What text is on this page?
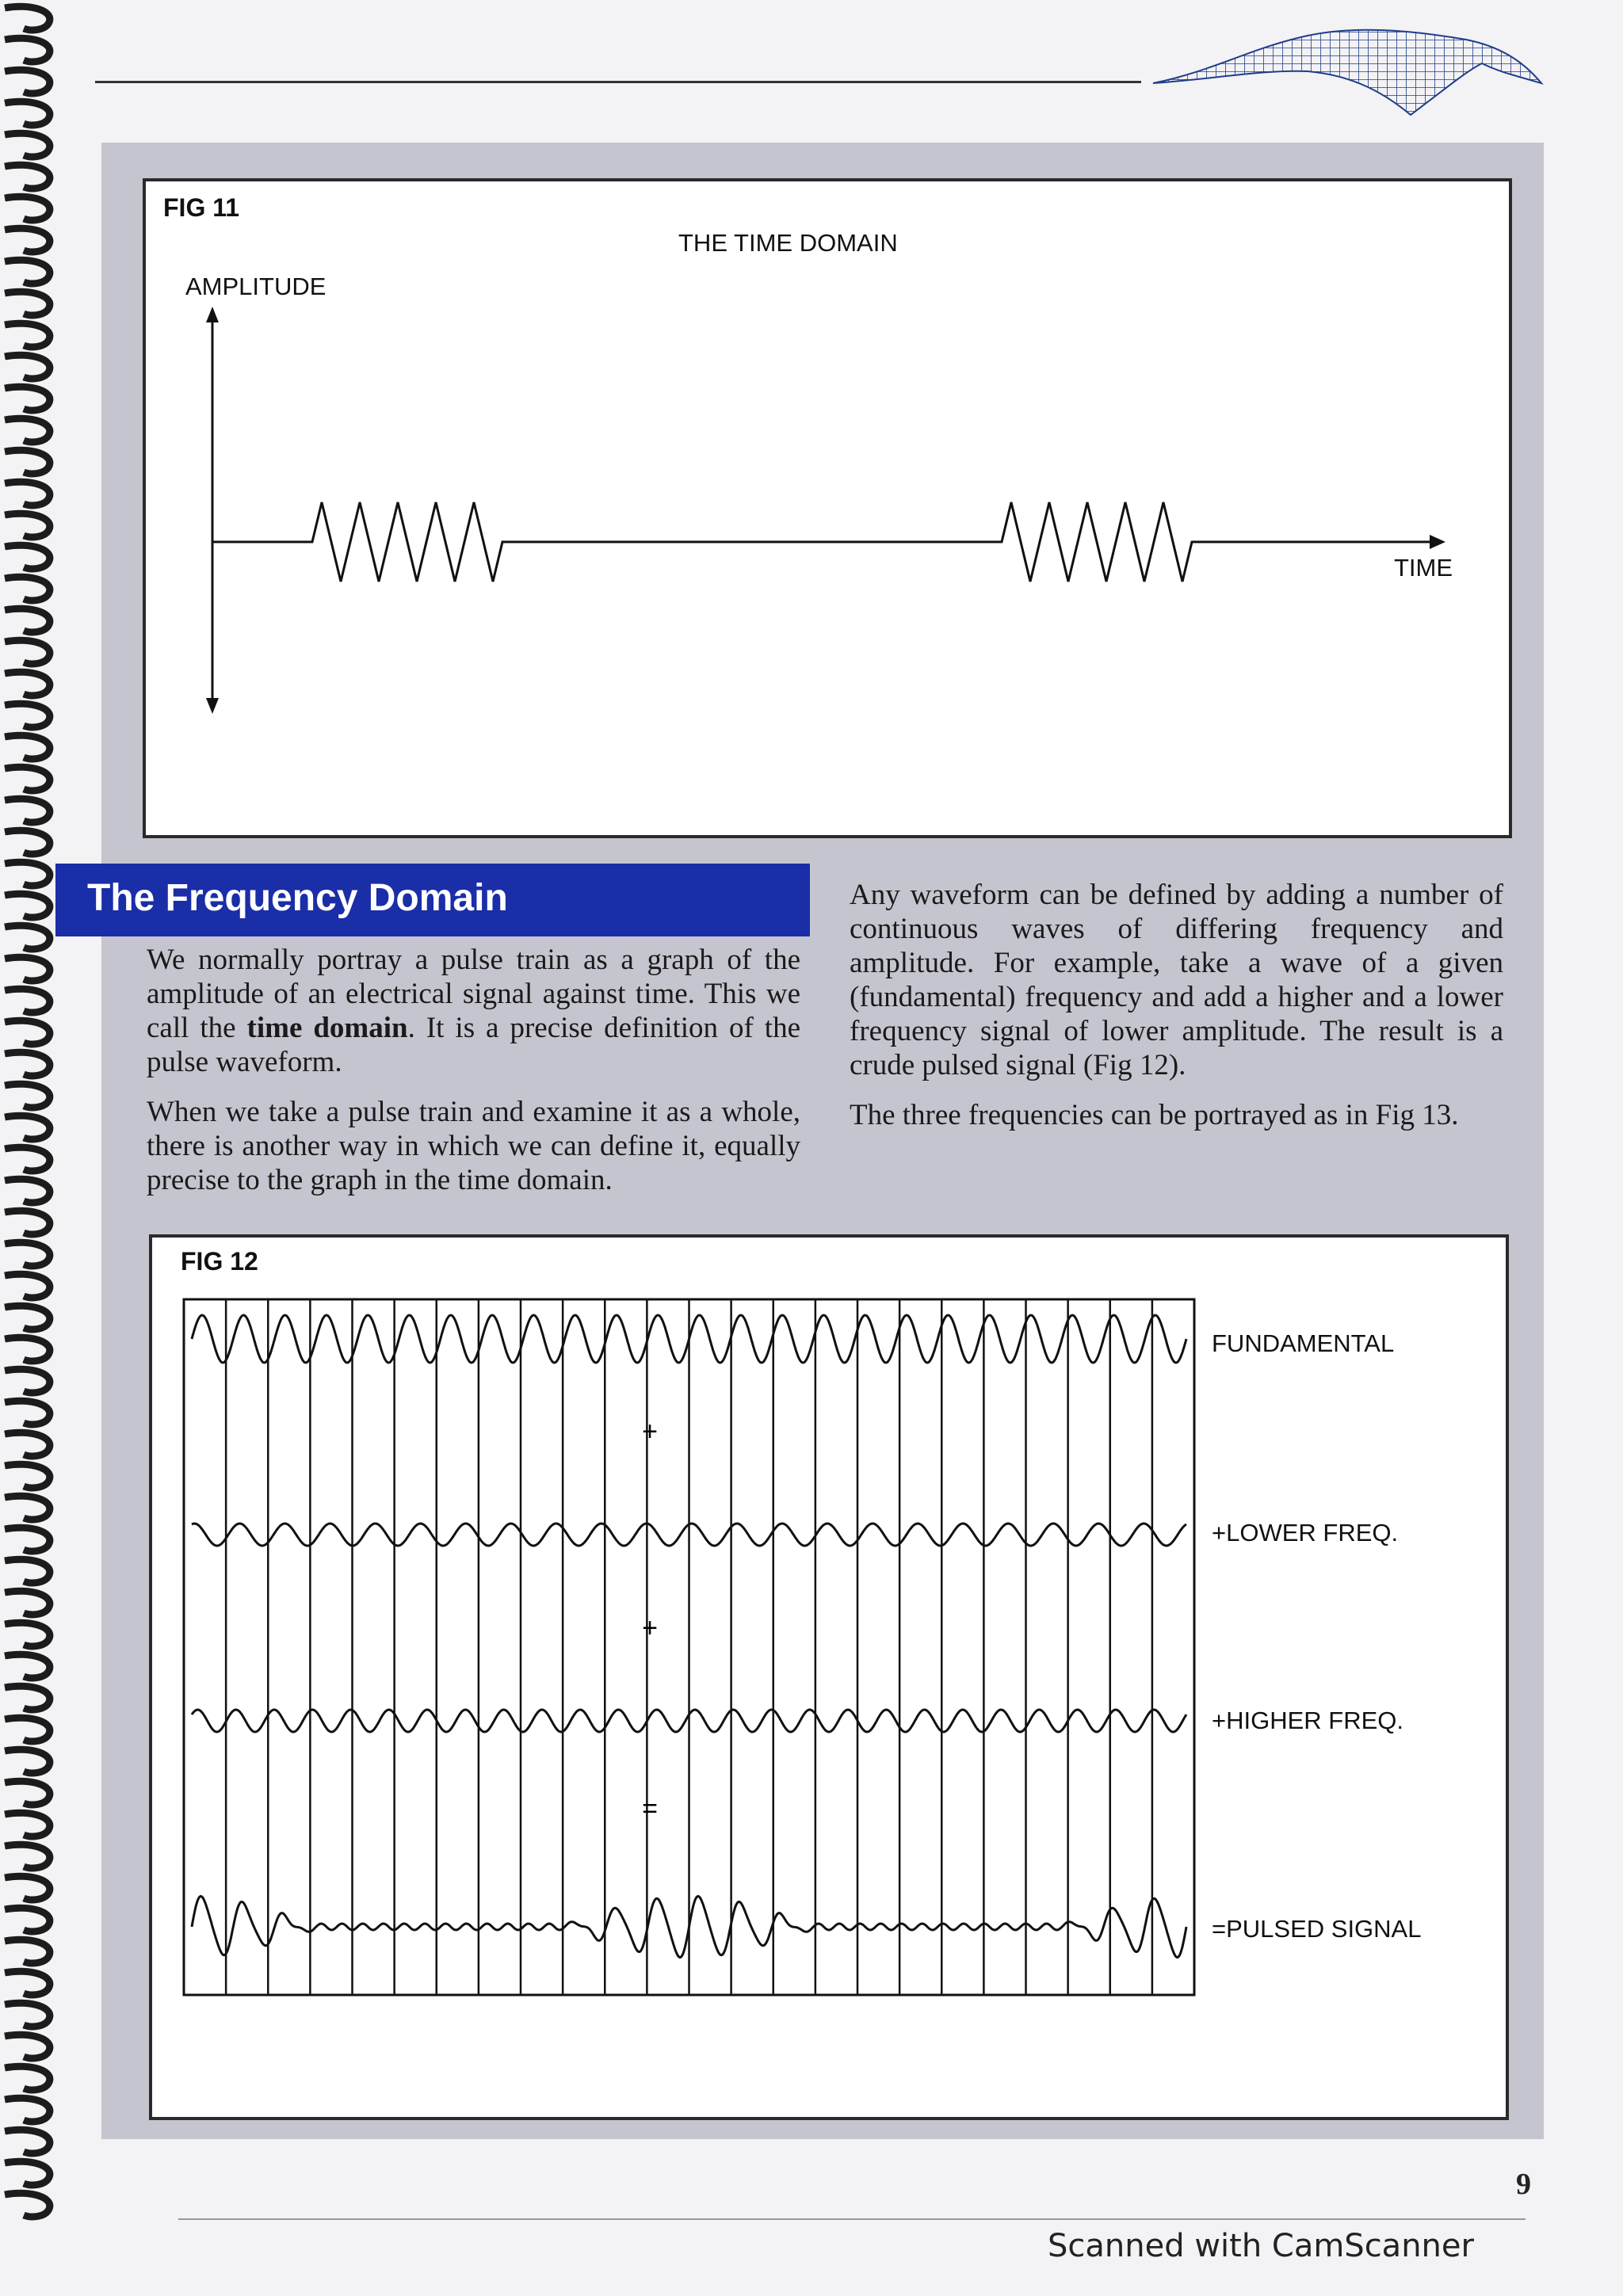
FIG 11
THE TIME DOMAIN
AMPLITUDE
TIME
The Frequency Domain

We normally portray a pulse train as a graph of the amplitude of an electrical signal against time. This we call the time domain. It is a precise definition of the pulse waveform.

When we take a pulse train and examine it as a whole, there is another way in which we can define it, equally precise to the graph in the time domain.

Any waveform can be defined by adding a number of continuous waves of differing frequency and amplitude. For example, take a wave of a given (fundamental) frequency and add a higher and a lower frequency signal of lower amplitude. The result is a crude pulsed signal (Fig 12).

The three frequencies can be portrayed as in Fig 13.

FIG 12
+
+
=
FUNDAMENTAL
+LOWER FREQ.
+HIGHER FREQ.
=PULSED SIGNAL
9
Scanned with CamScanner
